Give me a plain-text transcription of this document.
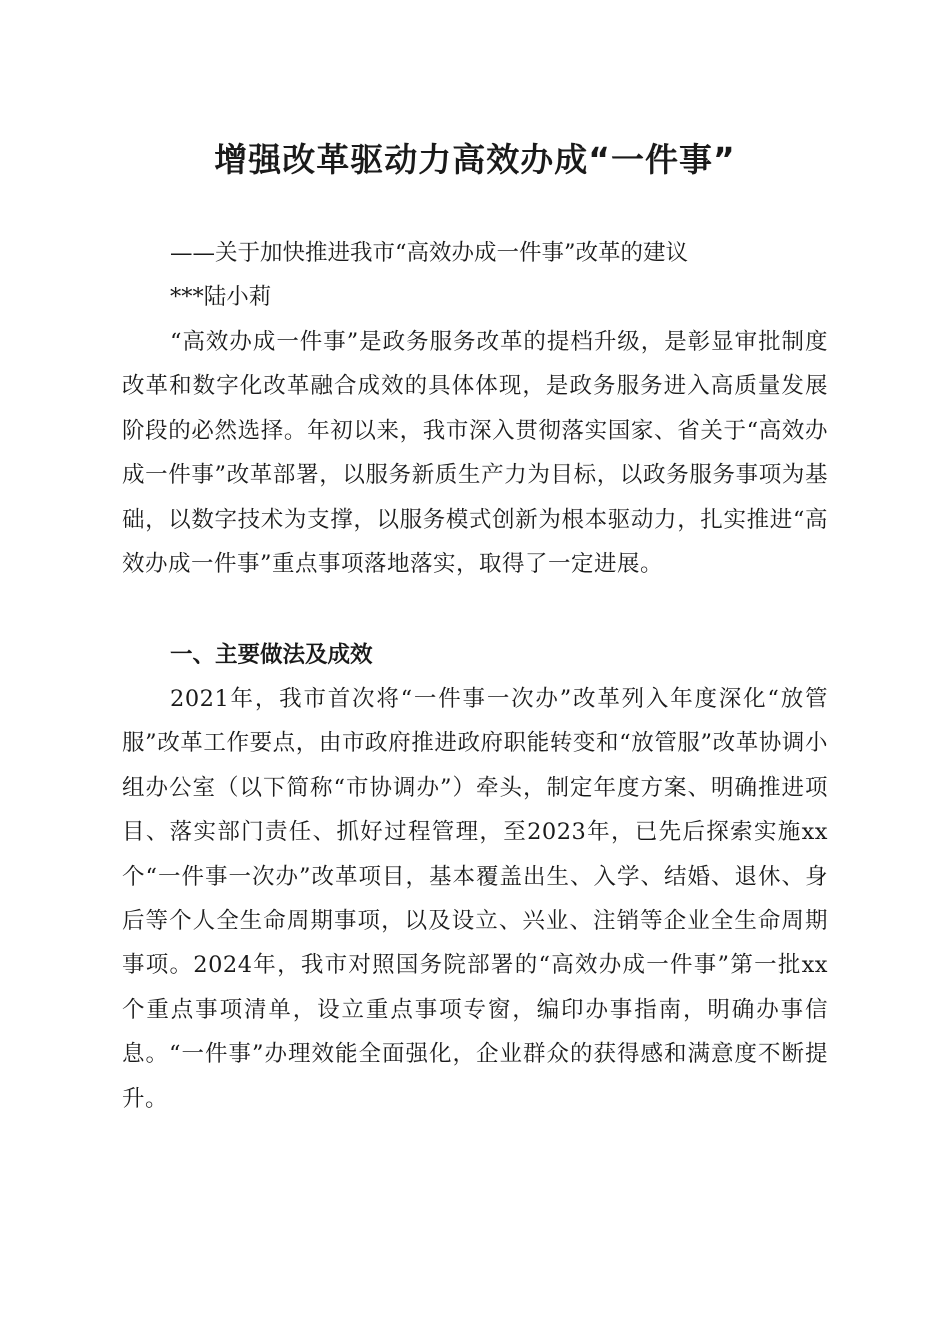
增强改革驱动力高效办成“一件事”
——关于加快推进我市“高效办成一件事”改革的建议
***陆小莉

“高效办成一件事”是政务服务改革的提档升级，是彰显审批制度改革和数字化改革融合成效的具体体现，是政务服务进入高质量发展阶段的必然选择。年初以来，我市深入贯彻落实国家、省关于“高效办成一件事”改革部署，以服务新质生产力为目标，以政务服务事项为基础，以数字技术为支撑，以服务模式创新为根本驱动力，扎实推进“高效办成一件事”重点事项落地落实，取得了一定进展。

一、主要做法及成效

2021年，我市首次将“一件事一次办”改革列入年度深化“放管服”改革工作要点，由市政府推进政府职能转变和“放管服”改革协调小组办公室（以下简称“市协调办”）牵头，制定年度方案、明确推进项目、落实部门责任、抓好过程管理，至2023年，已先后探索实施xx个“一件事一次办”改革项目，基本覆盖出生、入学、结婚、退休、身后等个人全生命周期事项，以及设立、兴业、注销等企业全生命周期事项。2024年，我市对照国务院部署的“高效办成一件事”第一批xx个重点事项清单，设立重点事项专窗，编印办事指南，明确办事信息。“一件事”办理效能全面强化，企业群众的获得感和满意度不断提升。
